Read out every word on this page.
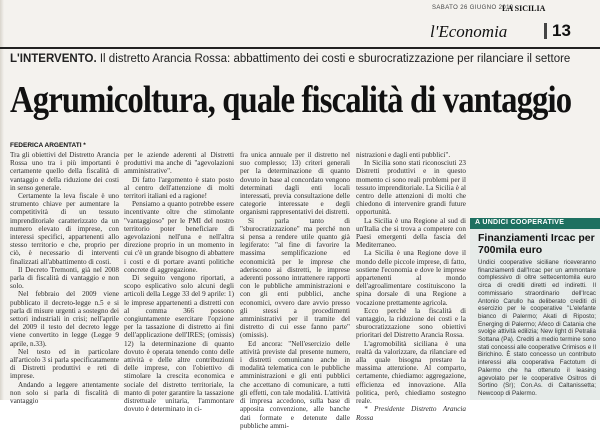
SABATO 26 GIUGNO 2010
LA SICILIA
l'Economia	13
L'INTERVENTO. Il distretto Arancia Rossa: abbattimento dei costi e sburocratizzazione per rilanciare il settore
Agrumicoltura, quale fiscalità di vantaggio
FEDERICA ARGENTATI *

Tra gli obiettivi del Distretto Arancia Rossa uno tra i più importanti è certamente quello della fiscalità di vantaggio e della riduzione dei costi in senso generale.

Certamente la leva fiscale è uno strumento chiave per aumentare la competitività di un tessuto imprenditoriale caratterizzato da un numero elevato di imprese, con interessi specifici, appartenenti allo stesso territorio e che, proprio per ciò, è necessario di interventi finalizzati all'abbattimento di costi.

Il Decreto Tremonti, già nel 2008 parla di fiscalità di vantaggio e non solo.

Nel febbraio del 2009 viene pubblicato il decreto-legge n.5 e si parla di misure urgenti a sostegno dei settori industriali in crisi; nell'aprile del 2009 il testo del decreto legge viene convertito in legge (Legge 9 aprile, n.33).

Nel testo ed in particolare all'articolo 3 si parla specificatamente di Distretti produttivi e reti di imprese.

Andando a leggere attentamente non solo si parla di fiscalità di vantaggio

per le aziende aderenti al Distretti produttivi ma anche di "agevolazioni amministrative".

Di fatto l'argomento è stato posto al centro dell'attenzione di molti territori italiani ed a ragione!

Pensiamo a quanto potrebbe essere incentivante oltre che stimolante "vantaggioso" per le PMI del nostro territorio poter beneficiare di agevolazioni nell'una e nell'altra direzione proprio in un momento in cui c'è un grande bisogno di abbattere i costi e di portare avanti politiche concrete di aggregazione.

Di seguito vengono riportati, a scopo esplicativo solo alcuni degli articoli della Legge 33 del 9 aprile: 1) le imprese appartenenti a distretti con al comma 366 possono congiuntamente esercitare l'opzione per la tassazione di distretto ai fini dell'applicazione dell'IRES; (omissis) 12) la determinazione di quanto dovuto è operata tenendo conto delle attività e delle altre contribuzioni delle imprese, con l'obiettivo di stimolare la crescita economica e sociale del distretto territoriale, la manto di poter garantire la tassazione distrettuale unitaria, l'ammontare dovuto è determinato in ci-

fra unica annuale per il distretto nel suo complesso; 13) criteri generali per la determinazione di quanto dovuto in base al concordato vengono determinati dagli enti locali interessati, previa consultazione delle categorie interessate e degli organismi rappresentativi dei distretti.

Si parla tanto di "sburocratizzazione" ma perché non si pensa a rendere utile quanto già legiferato: "al fine di favorire la massima semplificazione ed economicità per le imprese che aderiscono ai distretti, le imprese aderenti possono intrattenere rapporti con le pubbliche amministrazioni e con gli enti pubblici, anche economici, ovvero dare avvio presso gli stessi a procedimenti amministrativi per il tramite del distretto di cui esse fanno parte" (omissis).

Ed ancora: "Nell'esercizio delle attività previste dal presente numero, i distretti comunicano anche in modalità telematica con le pubbliche amministrazioni e gli enti pubblici che accettano di comunicare, a tutti gli effetti, con tale modalità. L'attività di impresa accedono, sulla base di apposita convenzione, alle banche dati formate e detenute dalle pubbliche ammi-

nistrazioni e dagli enti pubblici".

In Sicilia sono stati riconosciuti 23 Distretti produttivi e in questo momento ci sono reali problemi per il tessuto imprenditoriale. La Sicilia è al centro delle attenzioni di molti che chiedono di intervenire grandi future opportunità.

La Sicilia è una Regione al sud di un'Italia che si trova a competere con Paesi emergenti della fascia del Mediterraneo.

La Sicilia è una Regione dove il mondo delle piccole imprese, di fatto, sostiene l'economia e dove le imprese appartenenti al mondo dell'agroalimentare costituiscono la spina dorsale di una Regione a vocazione prettamente agricola.

Ecco perché la fiscalità di vantaggio, la riduzione dei costi e la sburocratizzazione sono obiettivi prioritari del Distretto Arancia Rossa.

L'agromobilità siciliana è una realtà da valorizzare, da rilanciare ed alla quale bisogna prestare la massima attenzione. Al comparto, certamente, chiediamo: aggregazione, efficienza ed innovazione. Alla politica, però, chiediamo sostegno reale.

* Presidente Distretto Arancia Rossa

A UNDICI COOPERATIVE
Finanziamenti Ircac per 700mila euro
Undici cooperative siciliane riceveranno finanziamenti dall'Ircac per un ammontare complessivo di oltre settecentomila euro circa di crediti diretti ed indiretti. Il commissario straordinario dell'Ircac Antonio Carullo ha deliberato crediti di esercizio per le cooperative "L'elefante bianco di Palermo; Akati di Riposto; Energing di Palermo; Afeco di Catania che svolge attività edilizia; New light di Petralia Sottana (Pa). Crediti a medio termine sono stati concessi alle cooperative Crimisos e Il Birichino. È stato concesso un contributo interessi alla cooperativa Factotum di Palermo che ha ottenuto il leasing agevolato per le cooperative Ositros di Sortino (Sr); Con.As. di Caltanissetta; Newcoop di Palermo.
